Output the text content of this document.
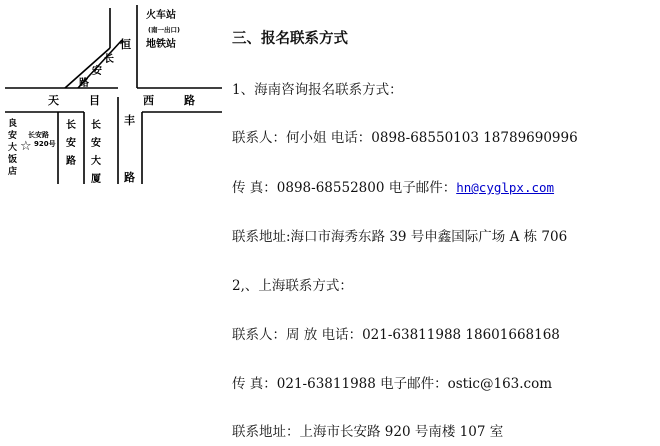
火车站
(南一出口)
地铁站
恒
长
安
路
天	目	西	路
丰
路
良
安
大
饭
店
长安路
920号
☆
长
安
路
长
安
大
厦
三、报名联系方式
1、海南咨询报名联系方式：
联系人：何小姐 电话：0898-68550103 18789690996
传 真：0898-68552800 电子邮件：hn@cyglpx.com
联系地址:海口市海秀东路 39 号申鑫国际广场 A 栋 706
2,、上海联系方式：
联系人：周 放 电话：021-63811988 18601668168
传 真：021-63811988 电子邮件：ostic@163.com
联系地址：上海市长安路 920 号南楼 107 室
